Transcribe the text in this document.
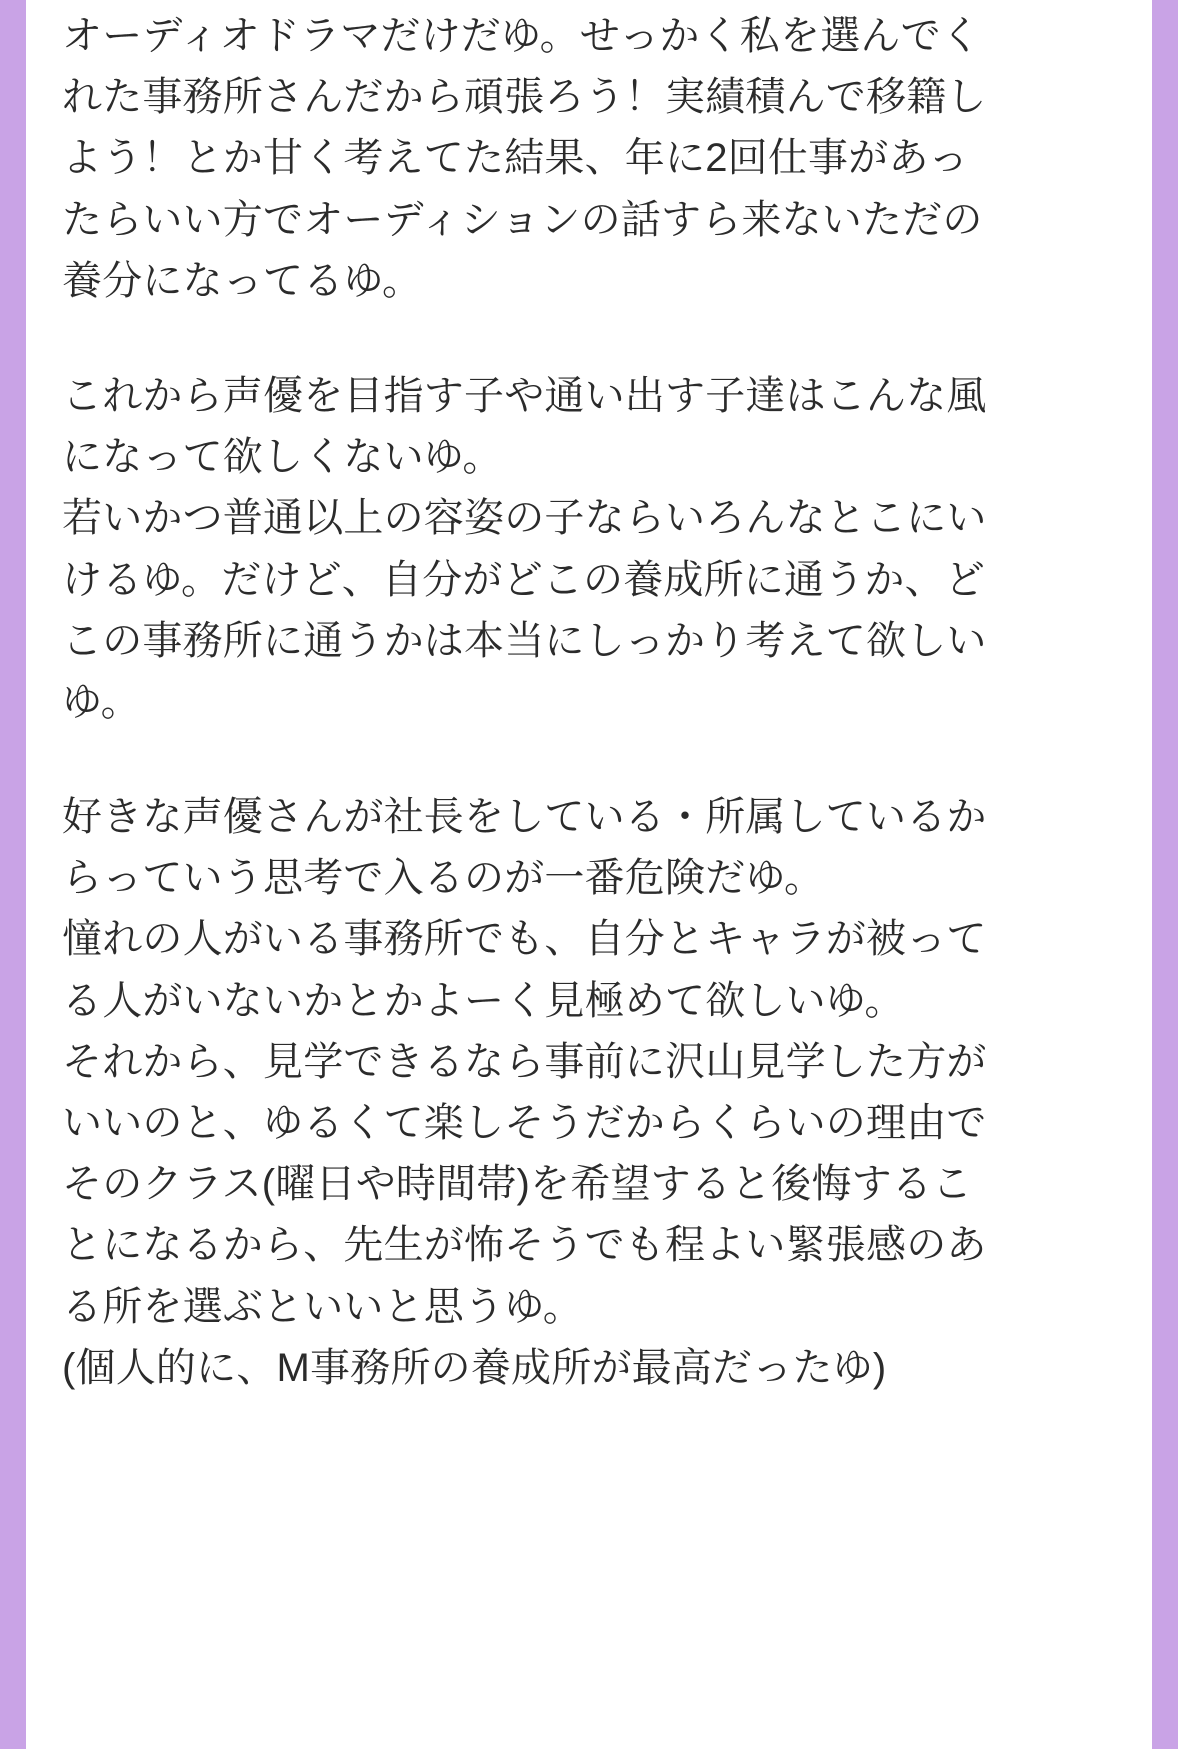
オーディオドラマだけだゆ。せっかく私を選んでく
れた事務所さんだから頑張ろう！実績積んで移籍し
よう！とか甘く考えてた結果、年に2回仕事があっ
たらいい方でオーディションの話すら来ないただの
養分になってるゆ。

これから声優を目指す子や通い出す子達はこんな風
になって欲しくないゆ。
若いかつ普通以上の容姿の子ならいろんなとこにい
けるゆ。だけど、自分がどこの養成所に通うか、ど
この事務所に通うかは本当にしっかり考えて欲しい
ゆ。

好きな声優さんが社長をしている・所属しているか
らっていう思考で入るのが一番危険だゆ。
憧れの人がいる事務所でも、自分とキャラが被って
る人がいないかとかよーく見極めて欲しいゆ。
それから、見学できるなら事前に沢山見学した方が
いいのと、ゆるくて楽しそうだからくらいの理由で
そのクラス(曜日や時間帯)を希望すると後悔するこ
とになるから、先生が怖そうでも程よい緊張感のあ
る所を選ぶといいと思うゆ。
(個人的に、M事務所の養成所が最高だったゆ)
